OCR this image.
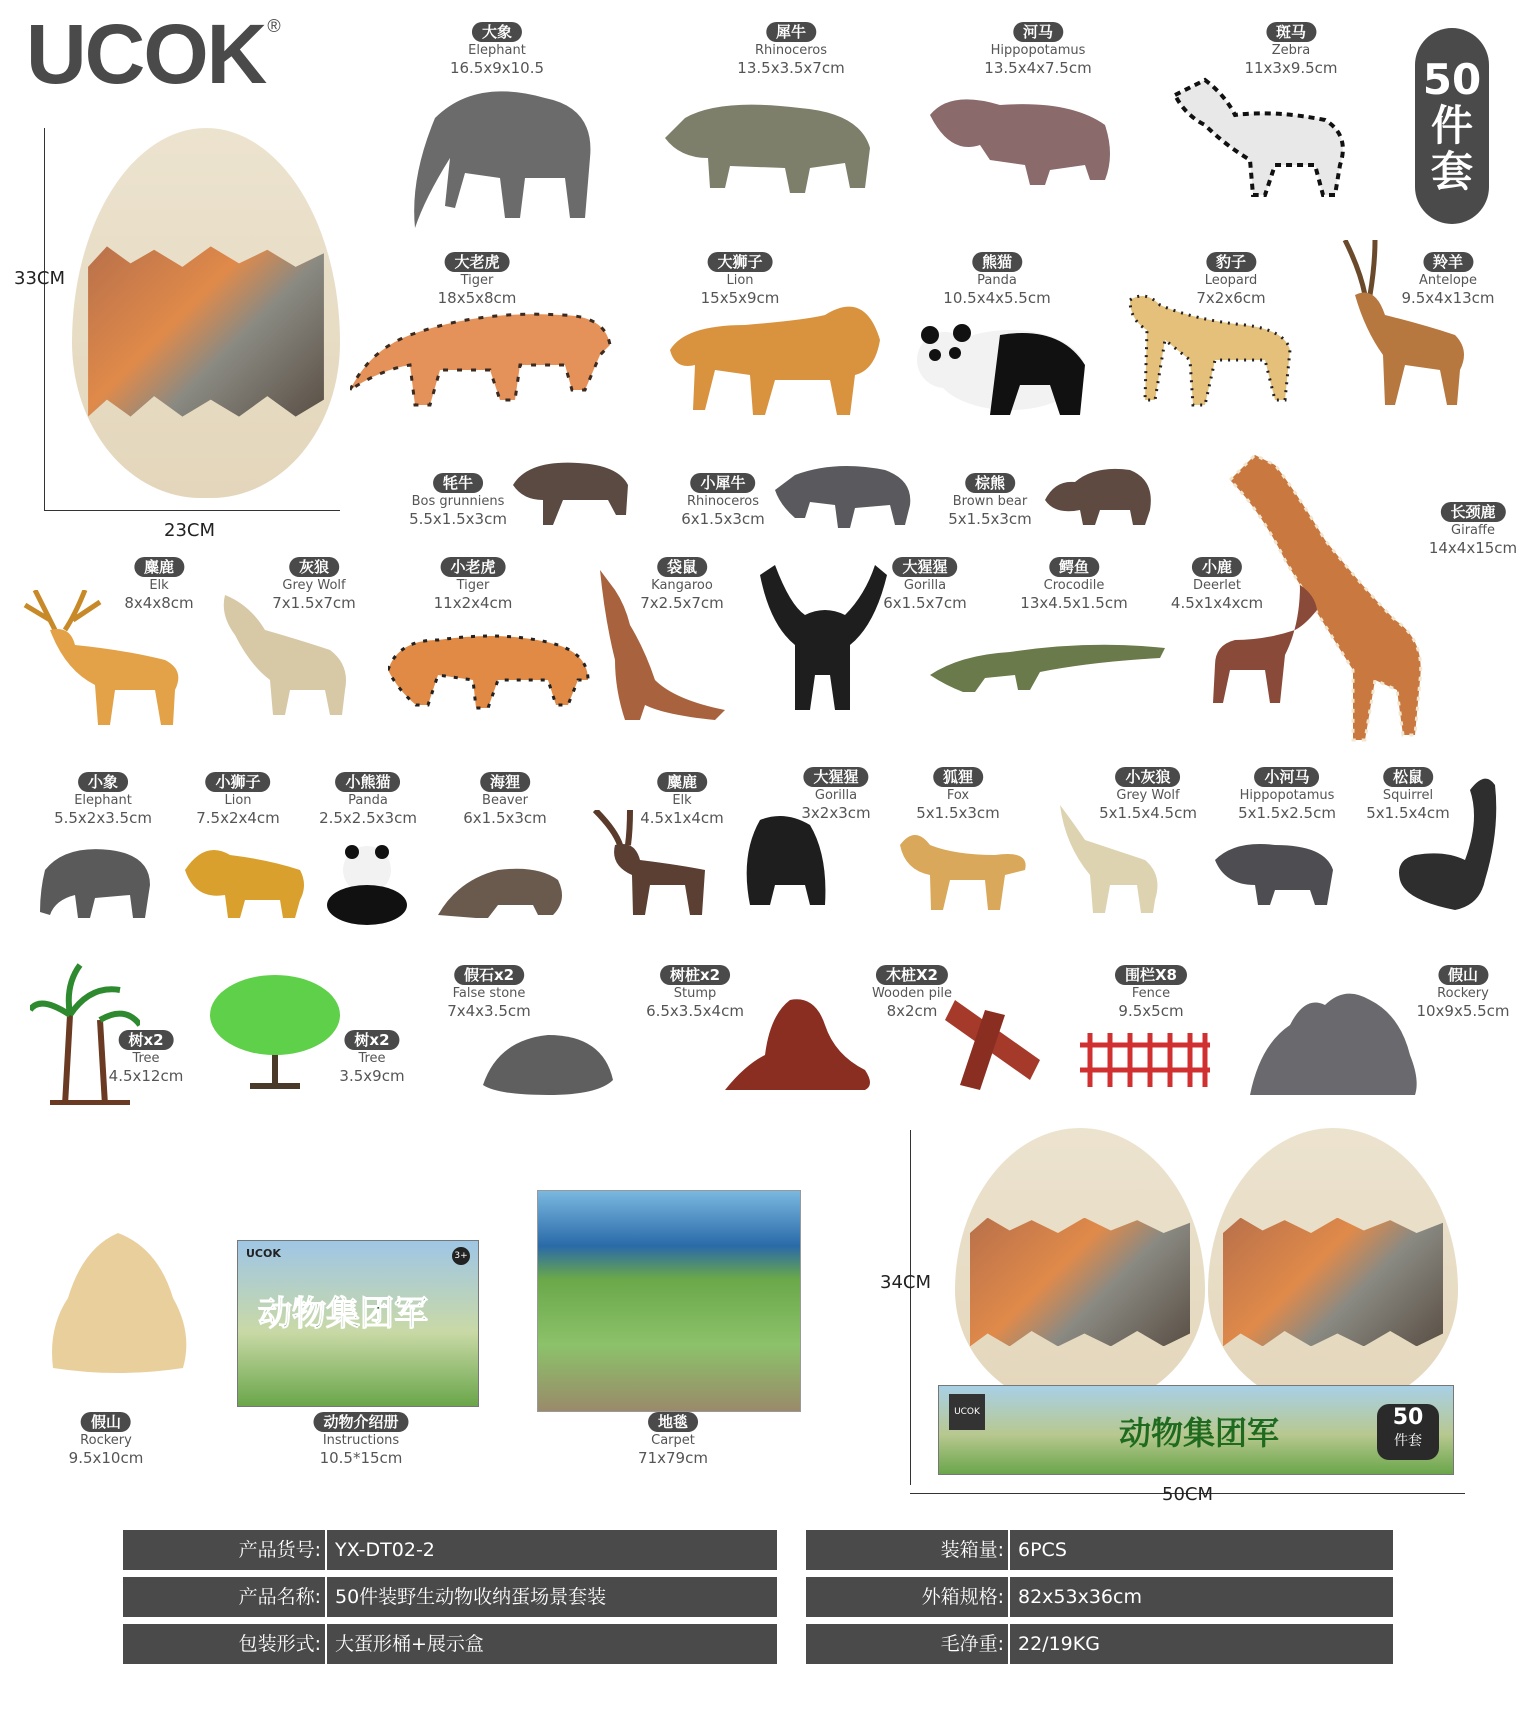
UCOK ®
50
件
套
33CM
23CM
UCOK	3+
动物集团军
34CM
50CM
UCOK
动物集团军	50
件套
大象
Elephant
16.5x9x10.5
犀牛
Rhinoceros
13.5x3.5x7cm
河马
Hippopotamus
13.5x4x7.5cm
斑马
Zebra
11x3x9.5cm
大老虎
Tiger
18x5x8cm
大狮子
Lion
15x5x9cm
熊猫
Panda
10.5x4x5.5cm
豹子
Leopard
7x2x6cm
羚羊
Antelope
9.5x4x13cm
牦牛
Bos grunniens
5.5x1.5x3cm
小犀牛
Rhinoceros
6x1.5x3cm
棕熊
Brown bear
5x1.5x3cm	长颈鹿
Giraffe
14x4x15cm
麋鹿
Elk
8x4x8cm
灰狼
Grey Wolf
7x1.5x7cm
小老虎
Tiger
11x2x4cm
袋鼠
Kangaroo
7x2.5x7cm
大猩猩
Gorilla
6x1.5x7cm
鳄鱼
Crocodile
13x4.5x1.5cm
小鹿
Deerlet
4.5x1x4xcm
小象
Elephant
5.5x2x3.5cm
小狮子
Lion
7.5x2x4cm
小熊猫
Panda
2.5x2.5x3cm
海狸
Beaver
6x1.5x3cm
麋鹿
Elk
4.5x1x4cm
大猩猩
Gorilla
3x2x3cm
狐狸
Fox
5x1.5x3cm
小灰狼
Grey Wolf
5x1.5x4.5cm
小河马
Hippopotamus
5x1.5x2.5cm
松鼠
Squirrel
5x1.5x4cm
树x2
Tree
4.5x12cm
树x2
Tree
3.5x9cm
假石x2
False stone
7x4x3.5cm
树桩x2
Stump
6.5x3.5x4cm
木桩X2
Wooden pile
8x2cm
围栏X8
Fence
9.5x5cm
假山
Rockery
10x9x5.5cm
假山
Rockery
9.5x10cm
动物介绍册
Instructions
10.5*15cm
地毯
Carpet
71x79cm
产品货号: YX-DT02-2
产品名称: 50件装野生动物收纳蛋场景套装
包装形式: 大蛋形桶+展示盒
装箱量: 6PCS
外箱规格: 82x53x36cm
毛净重: 22/19KG
